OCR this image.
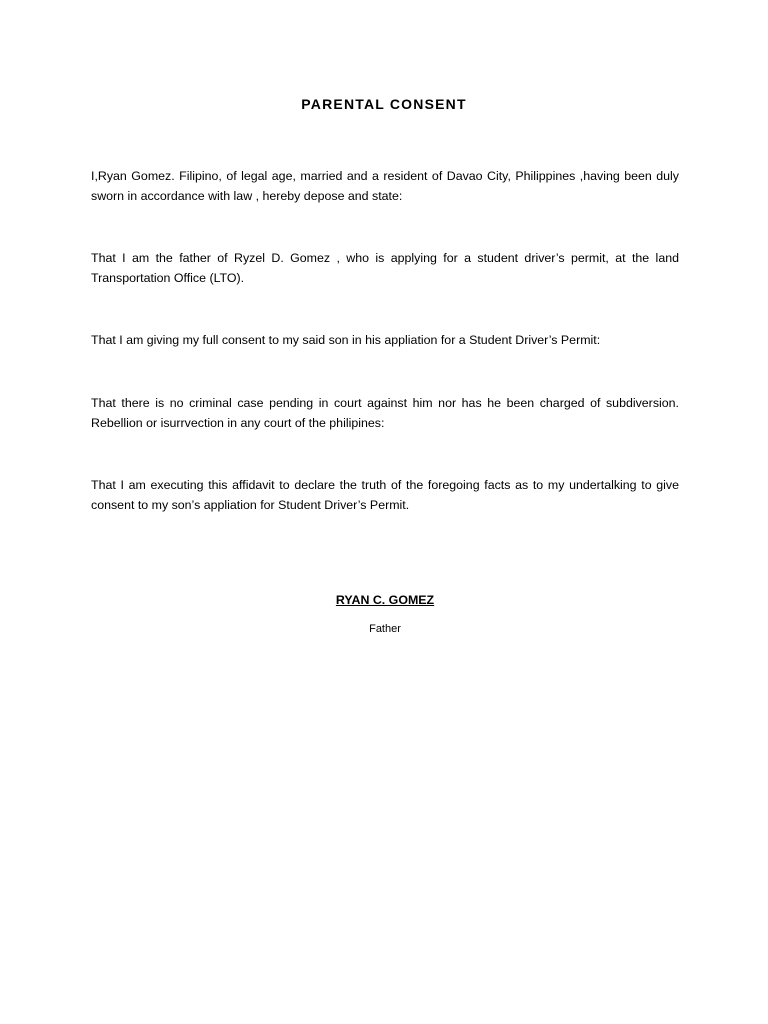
PARENTAL CONSENT

I,Ryan Gomez. Filipino, of legal age, married and a resident of Davao City, Philippines ,having been duly sworn in accordance with law , hereby depose and state:

That I am the father of Ryzel D. Gomez , who is applying for a student driver’s permit, at the land Transportation Office (LTO).

That I am giving my full consent to my said son in his appliation for a Student Driver’s Permit:

That there is no criminal case pending in court against him nor has he been charged of subdiversion. Rebellion or isurrvection in any court of the philipines:

That I am executing this affidavit to declare the truth of the foregoing facts as to my undertalking to give consent to my son’s appliation for Student Driver’s Permit.

RYAN C. GOMEZ
Father
